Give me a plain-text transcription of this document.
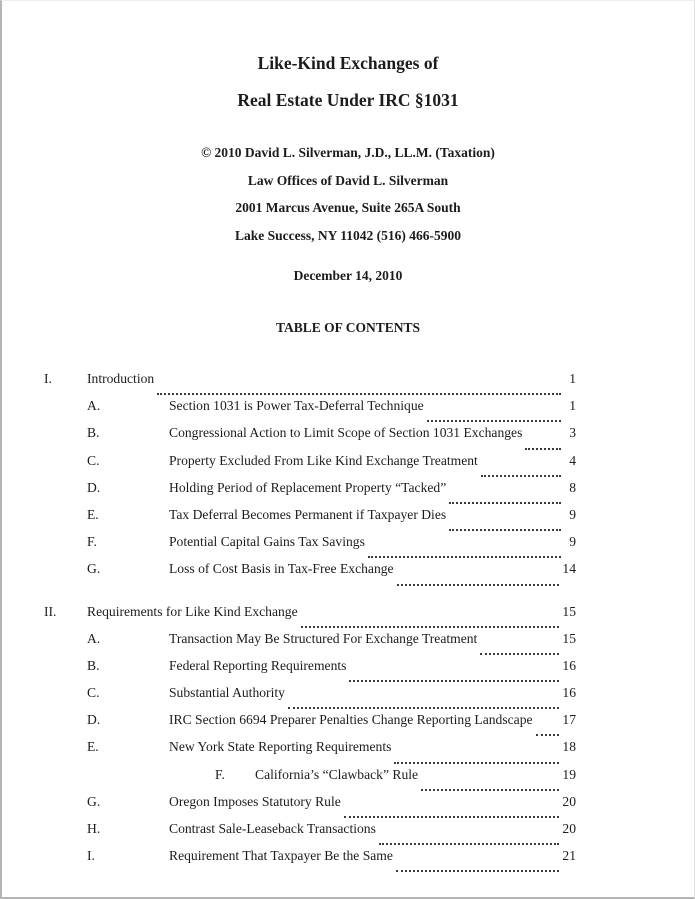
Like-Kind Exchanges of
Real Estate Under IRC §1031
© 2010 David L. Silverman, J.D., LL.M. (Taxation)
Law Offices of David L. Silverman
2001 Marcus Avenue, Suite 265A South
Lake Success, NY 11042 (516) 466-5900
December 14, 2010
TABLE OF CONTENTS
I.	Introduction	1
A.	Section 1031 is Power Tax-Deferral Technique	1
B.	Congressional Action to Limit Scope of Section 1031 Exchanges	3
C.	Property Excluded From Like Kind Exchange Treatment	4
D.	Holding Period of Replacement Property “Tacked”	8
E.	Tax Deferral Becomes Permanent if Taxpayer Dies	9
F.	Potential Capital Gains Tax Savings	9
G.	Loss of Cost Basis in Tax-Free Exchange	14
II.	Requirements for Like Kind Exchange	15
A.	Transaction May Be Structured For Exchange Treatment	15
B.	Federal Reporting Requirements	16
C.	Substantial Authority	16
D.	IRC Section 6694 Preparer Penalties Change Reporting Landscape 17
E.	New York State Reporting Requirements	18
F.	California’s “Clawback” Rule	19
G.	Oregon Imposes Statutory Rule	20
H.	Contrast Sale-Leaseback Transactions	20
I.	Requirement That Taxpayer Be the Same	21
